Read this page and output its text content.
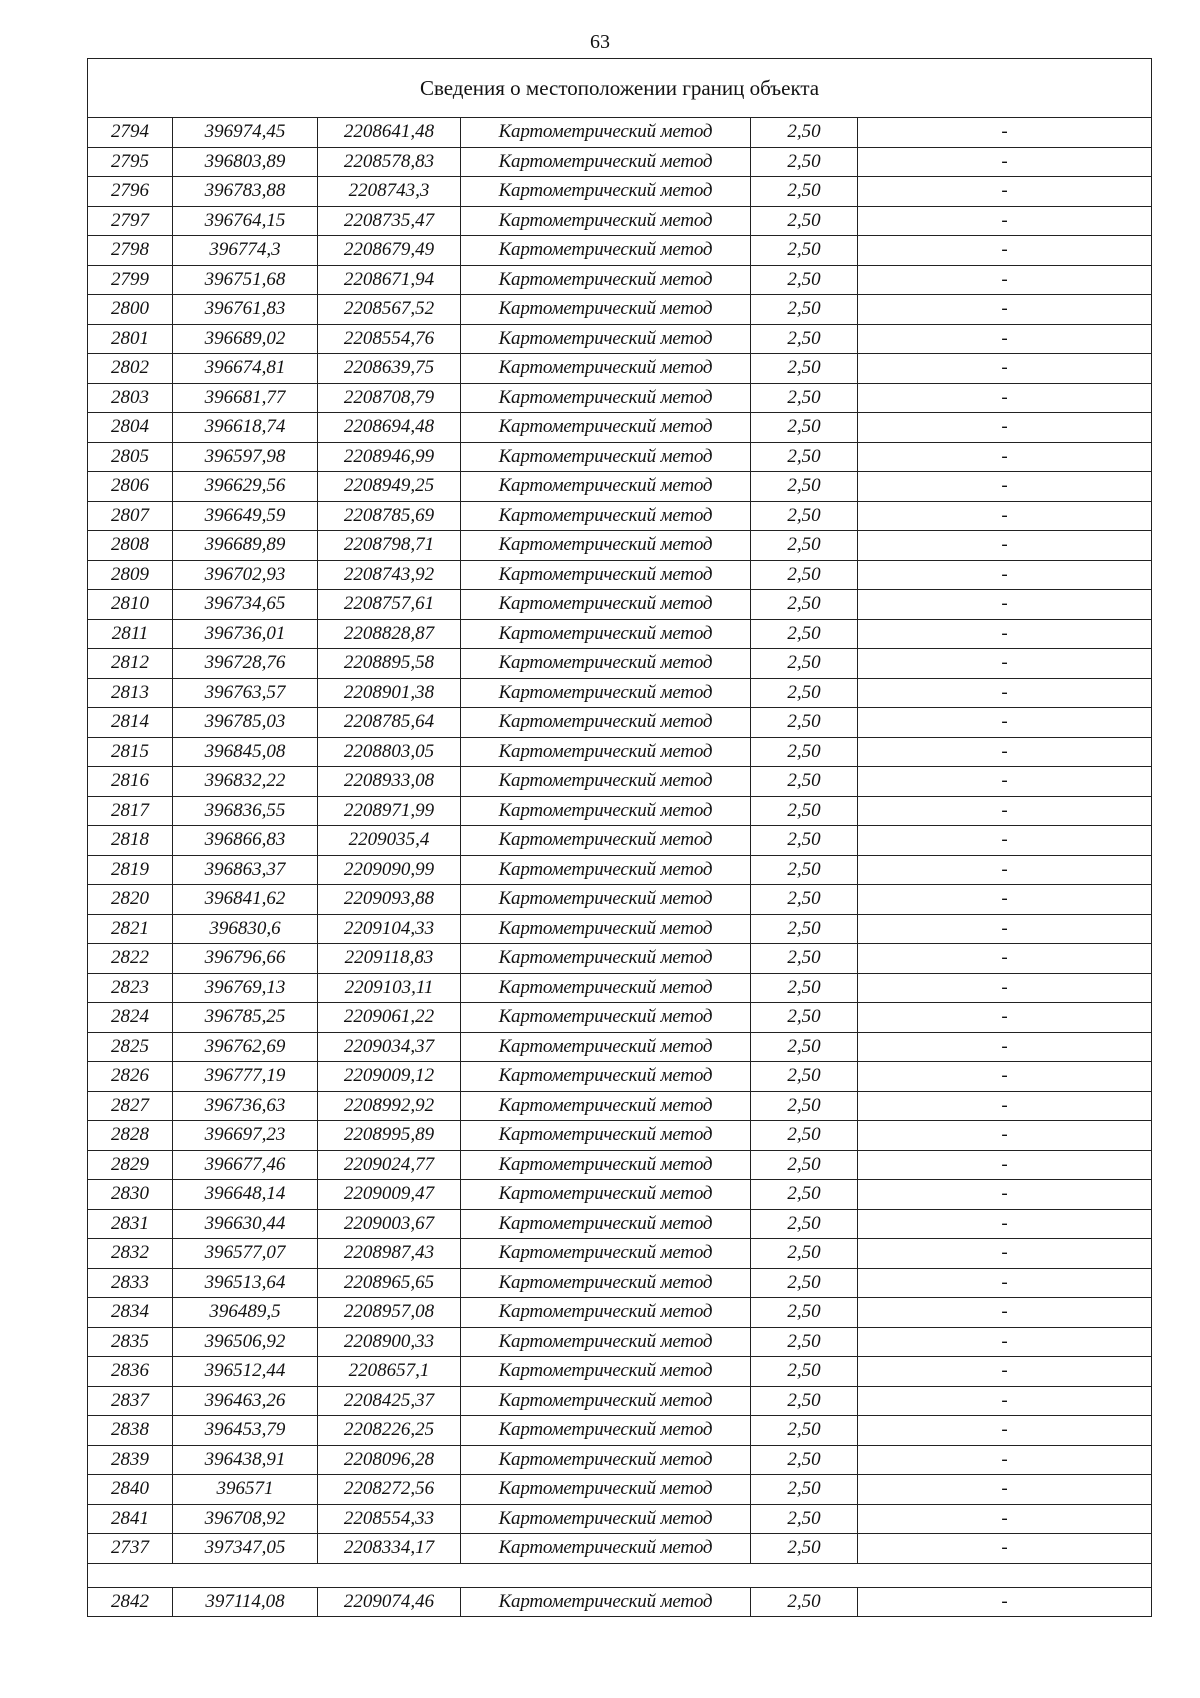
63
Сведения о местоположении границ объекта					
2794	396974,45	2208641,48	Картометрический метод	2,50	-
2795	396803,89	2208578,83	Картометрический метод	2,50	-
2796	396783,88	2208743,3	Картометрический метод	2,50	-
2797	396764,15	2208735,47	Картометрический метод	2,50	-
2798	396774,3	2208679,49	Картометрический метод	2,50	-
2799	396751,68	2208671,94	Картометрический метод	2,50	-
2800	396761,83	2208567,52	Картометрический метод	2,50	-
2801	396689,02	2208554,76	Картометрический метод	2,50	-
2802	396674,81	2208639,75	Картометрический метод	2,50	-
2803	396681,77	2208708,79	Картометрический метод	2,50	-
2804	396618,74	2208694,48	Картометрический метод	2,50	-
2805	396597,98	2208946,99	Картометрический метод	2,50	-
2806	396629,56	2208949,25	Картометрический метод	2,50	-
2807	396649,59	2208785,69	Картометрический метод	2,50	-
2808	396689,89	2208798,71	Картометрический метод	2,50	-
2809	396702,93	2208743,92	Картометрический метод	2,50	-
2810	396734,65	2208757,61	Картометрический метод	2,50	-
2811	396736,01	2208828,87	Картометрический метод	2,50	-
2812	396728,76	2208895,58	Картометрический метод	2,50	-
2813	396763,57	2208901,38	Картометрический метод	2,50	-
2814	396785,03	2208785,64	Картометрический метод	2,50	-
2815	396845,08	2208803,05	Картометрический метод	2,50	-
2816	396832,22	2208933,08	Картометрический метод	2,50	-
2817	396836,55	2208971,99	Картометрический метод	2,50	-
2818	396866,83	2209035,4	Картометрический метод	2,50	-
2819	396863,37	2209090,99	Картометрический метод	2,50	-
2820	396841,62	2209093,88	Картометрический метод	2,50	-
2821	396830,6	2209104,33	Картометрический метод	2,50	-
2822	396796,66	2209118,83	Картометрический метод	2,50	-
2823	396769,13	2209103,11	Картометрический метод	2,50	-
2824	396785,25	2209061,22	Картометрический метод	2,50	-
2825	396762,69	2209034,37	Картометрический метод	2,50	-
2826	396777,19	2209009,12	Картометрический метод	2,50	-
2827	396736,63	2208992,92	Картометрический метод	2,50	-
2828	396697,23	2208995,89	Картометрический метод	2,50	-
2829	396677,46	2209024,77	Картометрический метод	2,50	-
2830	396648,14	2209009,47	Картометрический метод	2,50	-
2831	396630,44	2209003,67	Картометрический метод	2,50	-
2832	396577,07	2208987,43	Картометрический метод	2,50	-
2833	396513,64	2208965,65	Картометрический метод	2,50	-
2834	396489,5	2208957,08	Картометрический метод	2,50	-
2835	396506,92	2208900,33	Картометрический метод	2,50	-
2836	396512,44	2208657,1	Картометрический метод	2,50	-
2837	396463,26	2208425,37	Картометрический метод	2,50	-
2838	396453,79	2208226,25	Картометрический метод	2,50	-
2839	396438,91	2208096,28	Картометрический метод	2,50	-
2840	396571	2208272,56	Картометрический метод	2,50	-
2841	396708,92	2208554,33	Картометрический метод	2,50	-
2737	397347,05	2208334,17	Картометрический метод	2,50	-

2842	397114,08	2209074,46	Картометрический метод	2,50	-
